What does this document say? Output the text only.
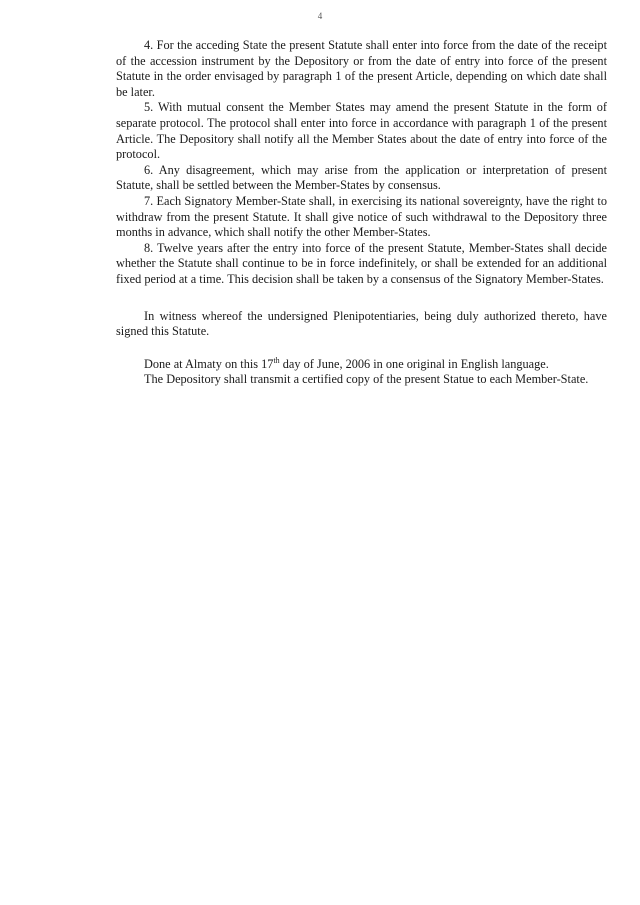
4

4. For the acceding State the present Statute shall enter into force from the date of the receipt of the accession instrument by the Depository or from the date of entry into force of the present Statute in the order envisaged by paragraph 1 of the present Article, depending on which date shall be later.

5. With mutual consent the Member States may amend the present Statute in the form of separate protocol. The protocol shall enter into force in accordance with paragraph 1 of the present Article. The Depository shall notify all the Member States about the date of entry into force of the protocol.

6. Any disagreement, which may arise from the application or interpretation of present Statute, shall be settled between the Member-States by consensus.

7. Each Signatory Member-State shall, in exercising its national sovereignty, have the right to withdraw from the present Statute. It shall give notice of such withdrawal to the Depository three months in advance, which shall notify the other Member-States.

8. Twelve years after the entry into force of the present Statute, Member-States shall decide whether the Statute shall continue to be in force indefinitely, or shall be extended for an additional fixed period at a time. This decision shall be taken by a consensus of the Signatory Member-States.

In witness whereof the undersigned Plenipotentiaries, being duly authorized thereto, have signed this Statute.

Done at Almaty on this 17th day of June, 2006 in one original in English language.

The Depository shall transmit a certified copy of the present Statue to each Member-State.
